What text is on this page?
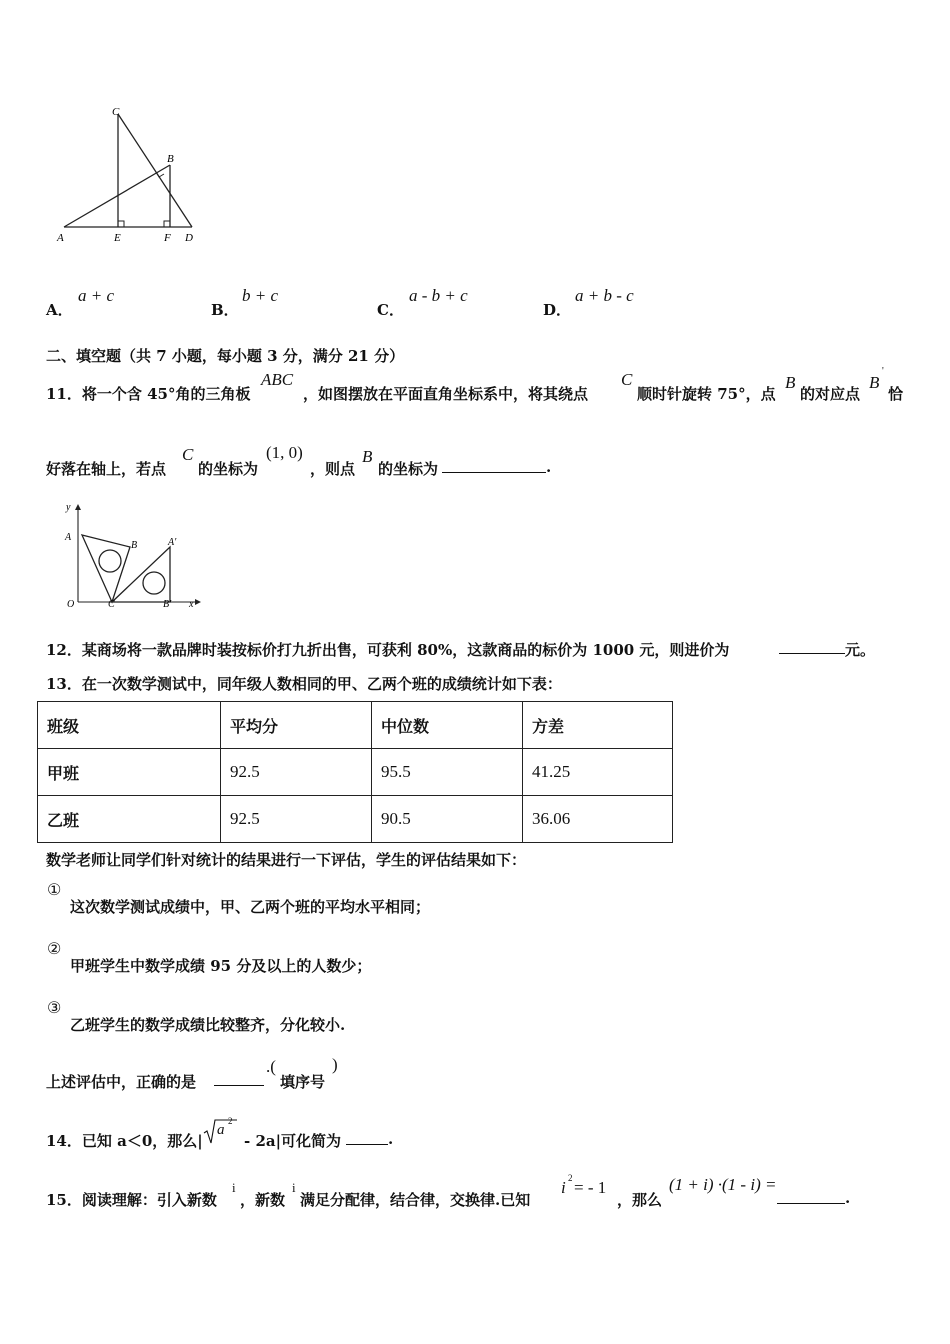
C
B
A	E	F D
A．
a + c
B．
b + c
C．
a - b + c
D．
a + b - c
二、填空题（共 7 小题，每小题 3 分，满分 21 分）
11．将一个含 45°角的三角板
ABC
，如图摆放在平面直角坐标系中，将其绕点
C
顺时针旋转 75°，点
B
的对应点
B
'
恰
好落在轴上，若点
C
的坐标为
(1, 0)
，则点
B
的坐标为	.
y
A
B	A′
O	C	B′ x
12．某商场将一款品牌时装按标价打九折出售，可获利 80%，这款商品的标价为 1000 元，则进价为	元。
13．在一次数学测试中，同年级人数相同的甲、乙两个班的成绩统计如下表：
班级	平均分	中位数	方差
甲班	92.5	95.5	41.25
乙班	92.5	90.5	36.06
数学老师让同学们针对统计的结果进行一下评估，学生的评估结果如下：
①
这次数学测试成绩中，甲、乙两个班的平均水平相同；
②
甲班学生中数学成绩 95 分及以上的人数少；
③
乙班学生的数学成绩比较整齐，分化较小.
上述评估中，正确的是
.(
填序号
)
14．已知 a＜0，那么|
a
2
- 2a|可化简为	.
15．阅读理解：引入新数
i
，新数
i
满足分配律，结合律，交换律.已知
i 2 = - 1
，那么
(1 + i) ·(1 - i) =
.
